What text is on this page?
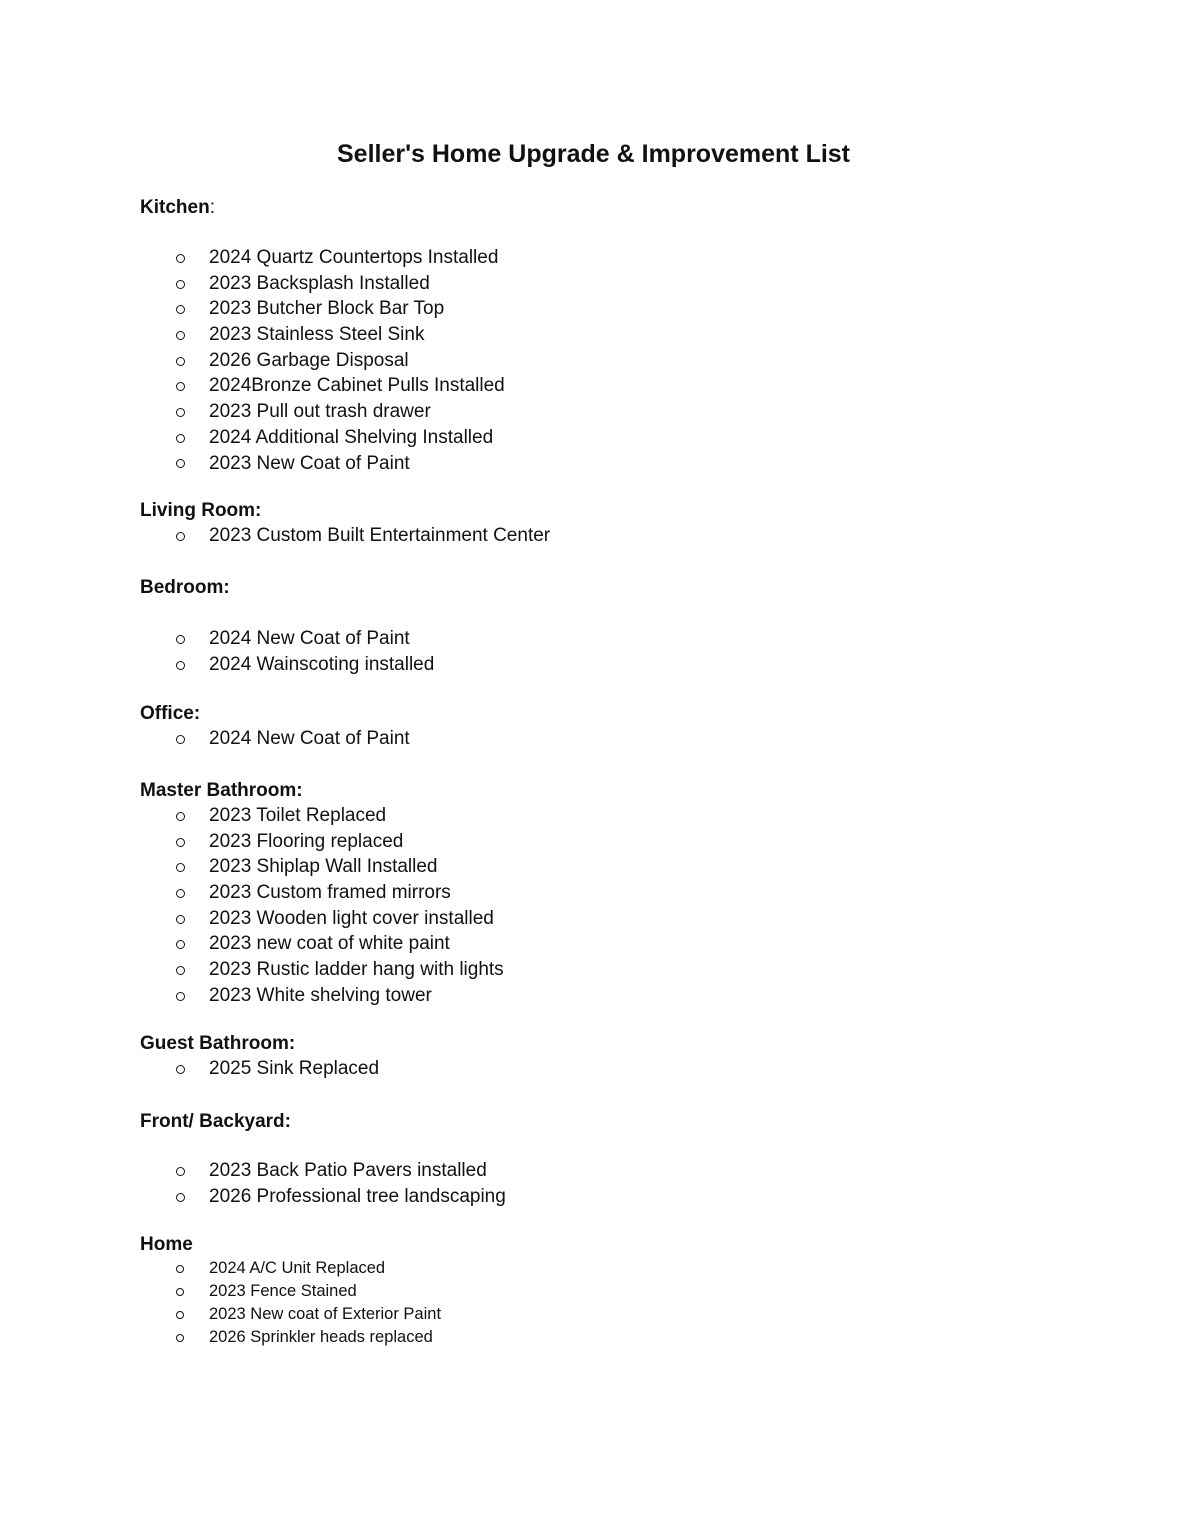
Seller's Home Upgrade & Improvement List

Kitchen:

2024 Quartz Countertops Installed
2023 Backsplash Installed
2023 Butcher Block Bar Top
2023 Stainless Steel Sink
2026 Garbage Disposal
2024Bronze Cabinet Pulls Installed
2023 Pull out trash drawer
2024 Additional Shelving Installed
2023 New Coat of Paint

Living Room:

2023 Custom Built Entertainment Center

Bedroom:

2024 New Coat of Paint
2024 Wainscoting installed

Office:

2024 New Coat of Paint

Master Bathroom:

2023 Toilet Replaced
2023 Flooring replaced
2023 Shiplap Wall Installed
2023 Custom framed mirrors
2023 Wooden light cover installed
2023 new coat of white paint
2023 Rustic ladder hang with lights
2023 White shelving tower

Guest Bathroom:

2025 Sink Replaced

Front/ Backyard:

2023 Back Patio Pavers installed
2026 Professional tree landscaping

Home

2024 A/C Unit Replaced
2023 Fence Stained
2023 New coat of Exterior Paint
2026 Sprinkler heads replaced
